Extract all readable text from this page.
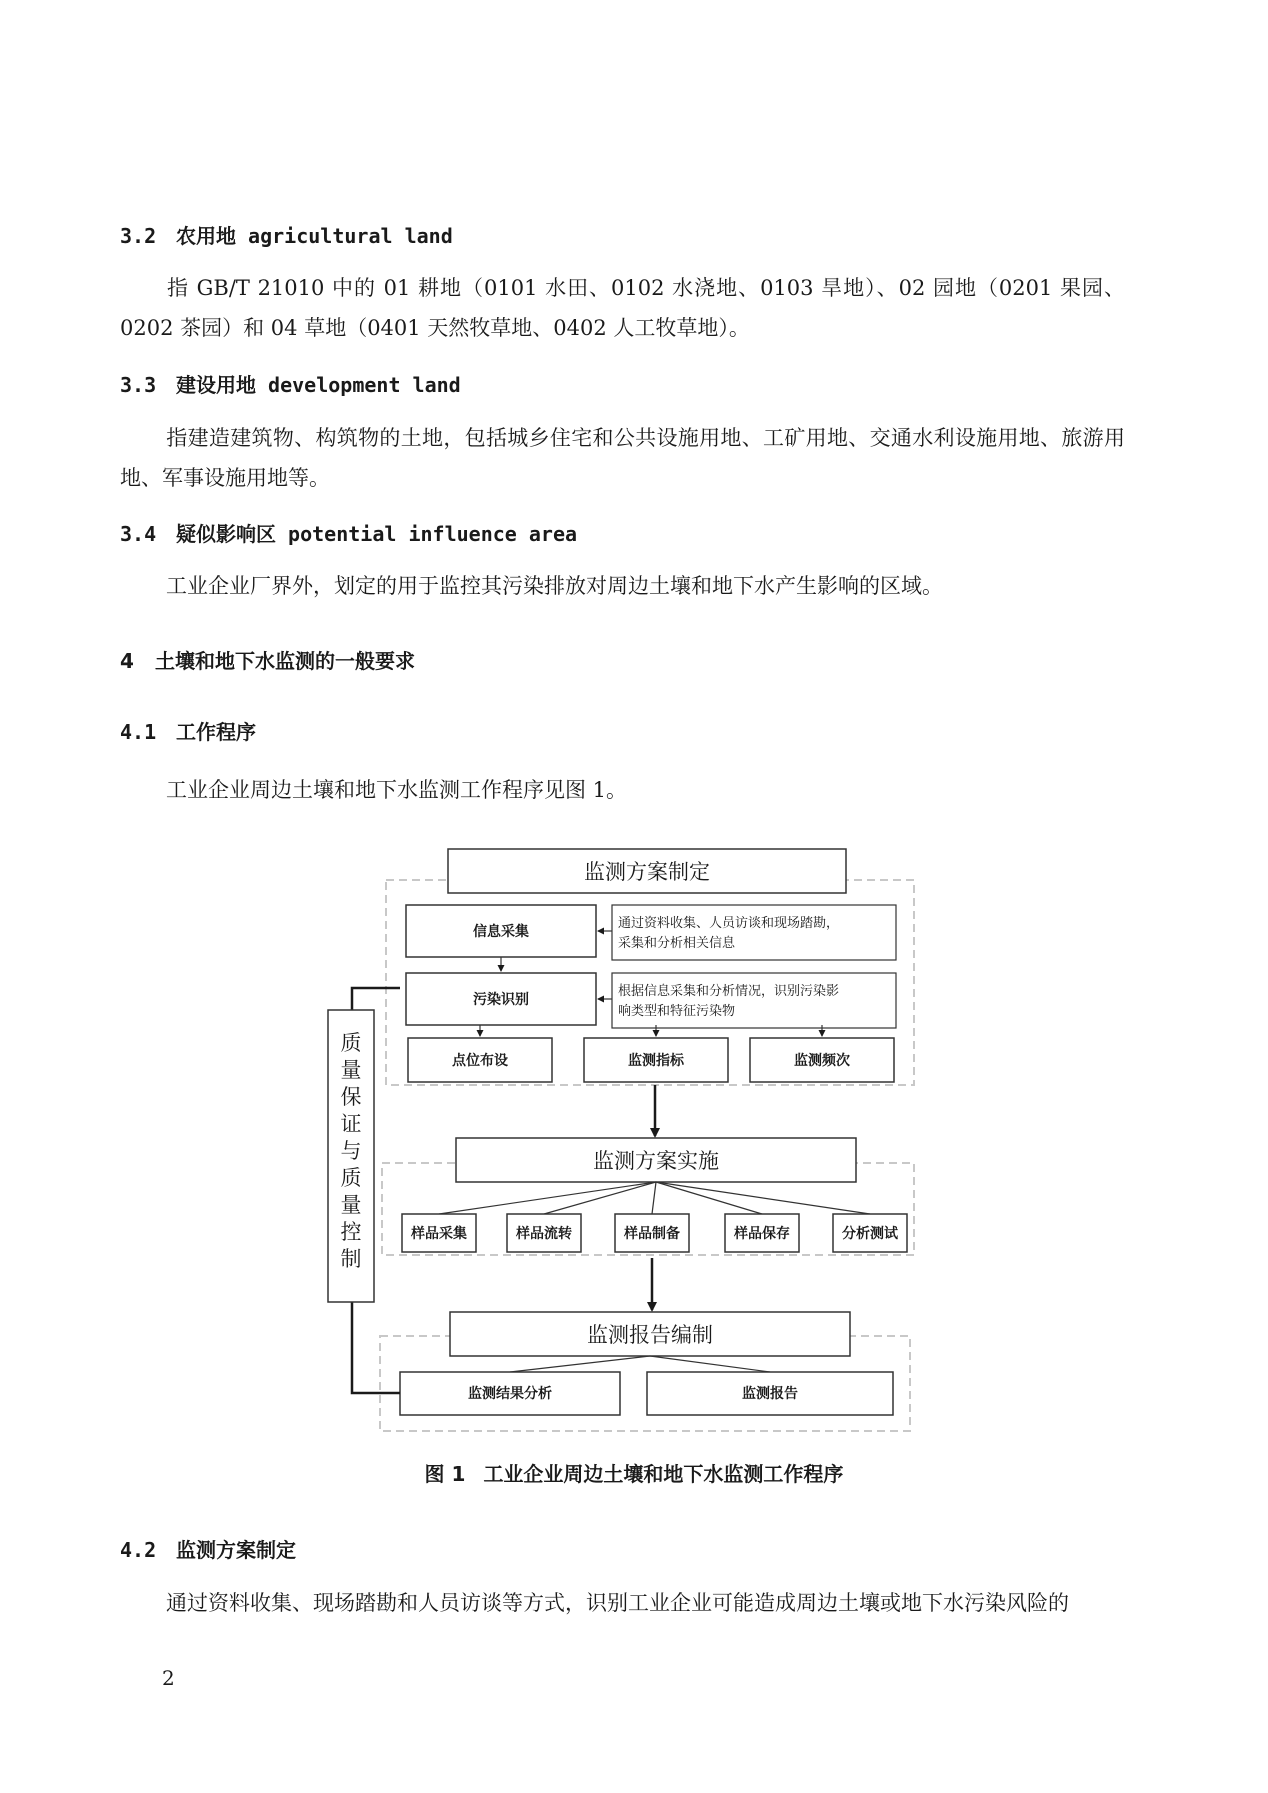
3.2 农用地 agricultural land

指 GB/T 21010 中的 01 耕地（0101 水田、0102 水浇地、0103 旱地）、02 园地（0201 果园、0202 茶园）和 04 草地（0401 天然牧草地、0402 人工牧草地）。

3.3 建设用地 development land

指建造建筑物、构筑物的土地，包括城乡住宅和公共设施用地、工矿用地、交通水利设施用地、旅游用地、军事设施用地等。

3.4 疑似影响区 potential influence area

工业企业厂界外，划定的用于监控其污染排放对周边土壤和地下水产生影响的区域。

4 土壤和地下水监测的一般要求
4.1 工作程序

工业企业周边土壤和地下水监测工作程序见图 1。

监测方案制定
信息采集
通过资料收集、人员访谈和现场踏勘，
采集和分析相关信息
污染识别
根据信息采集和分析情况，识别污染影
响类型和特征污染物
点位布设	监测指标	监测频次
监测方案实施
样品采集	样品流转	样品制备	样品保存	分析测试
监测报告编制
监测结果分析	监测报告
质
量
保
证
与
质
量
控
制

图 1 工业企业周边土壤和地下水监测工作程序

4.2 监测方案制定

通过资料收集、现场踏勘和人员访谈等方式，识别工业企业可能造成周边土壤或地下水污染风险的

2
